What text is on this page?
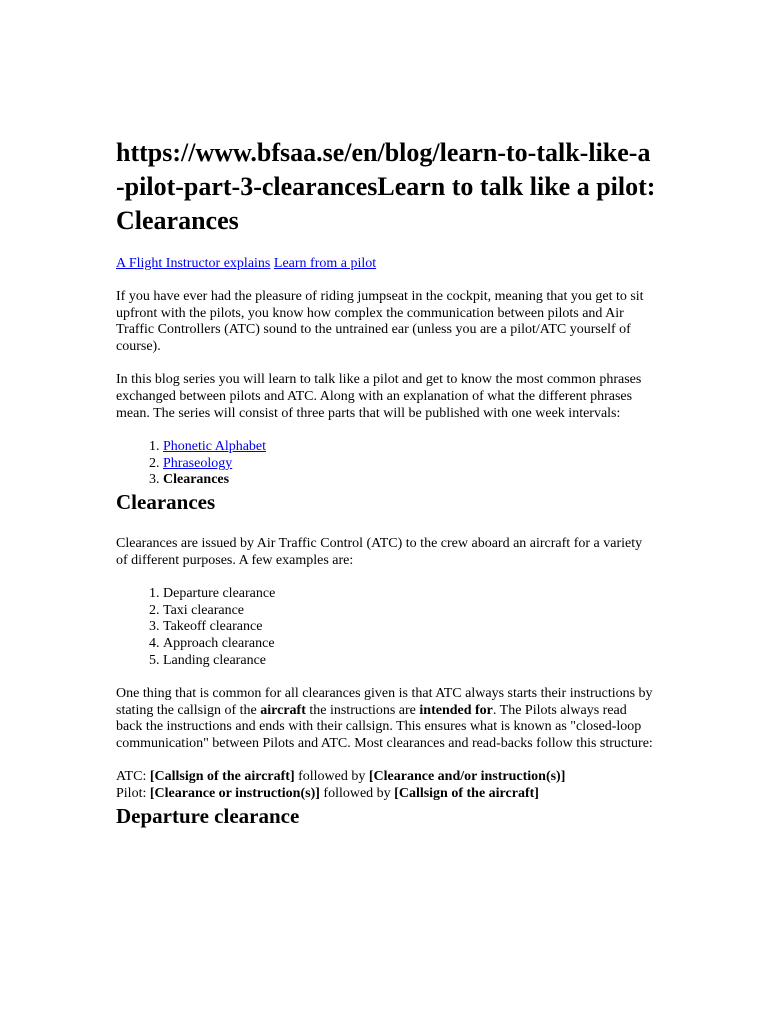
https://www.bfsaa.se/en/blog/learn-to-talk-like-a-pilot-part-3-clearancesLearn to talk like a pilot: Clearances
A Flight Instructor explains Learn from a pilot

If you have ever had the pleasure of riding jumpseat in the cockpit, meaning that you get to sit upfront with the pilots, you know how complex the communication between pilots and Air Traffic Controllers (ATC) sound to the untrained ear (unless you are a pilot/ATC yourself of course).

In this blog series you will learn to talk like a pilot and get to know the most common phrases exchanged between pilots and ATC. Along with an explanation of what the different phrases mean. The series will consist of three parts that will be published with one week intervals:

1. Phonetic Alphabet
2. Phraseology
3. Clearances
Clearances

Clearances are issued by Air Traffic Control (ATC) to the crew aboard an aircraft for a variety of different purposes. A few examples are:

1. Departure clearance
2. Taxi clearance
3. Takeoff clearance
4. Approach clearance
5. Landing clearance

One thing that is common for all clearances given is that ATC always starts their instructions by stating the callsign of the aircraft the instructions are intended for. The Pilots always read back the instructions and ends with their callsign. This ensures what is known as "closed-loop communication" between Pilots and ATC. Most clearances and read-backs follow this structure:

ATC: [Callsign of the aircraft] followed by [Clearance and/or instruction(s)]
Pilot: [Clearance or instruction(s)] followed by [Callsign of the aircraft]

Departure clearance
